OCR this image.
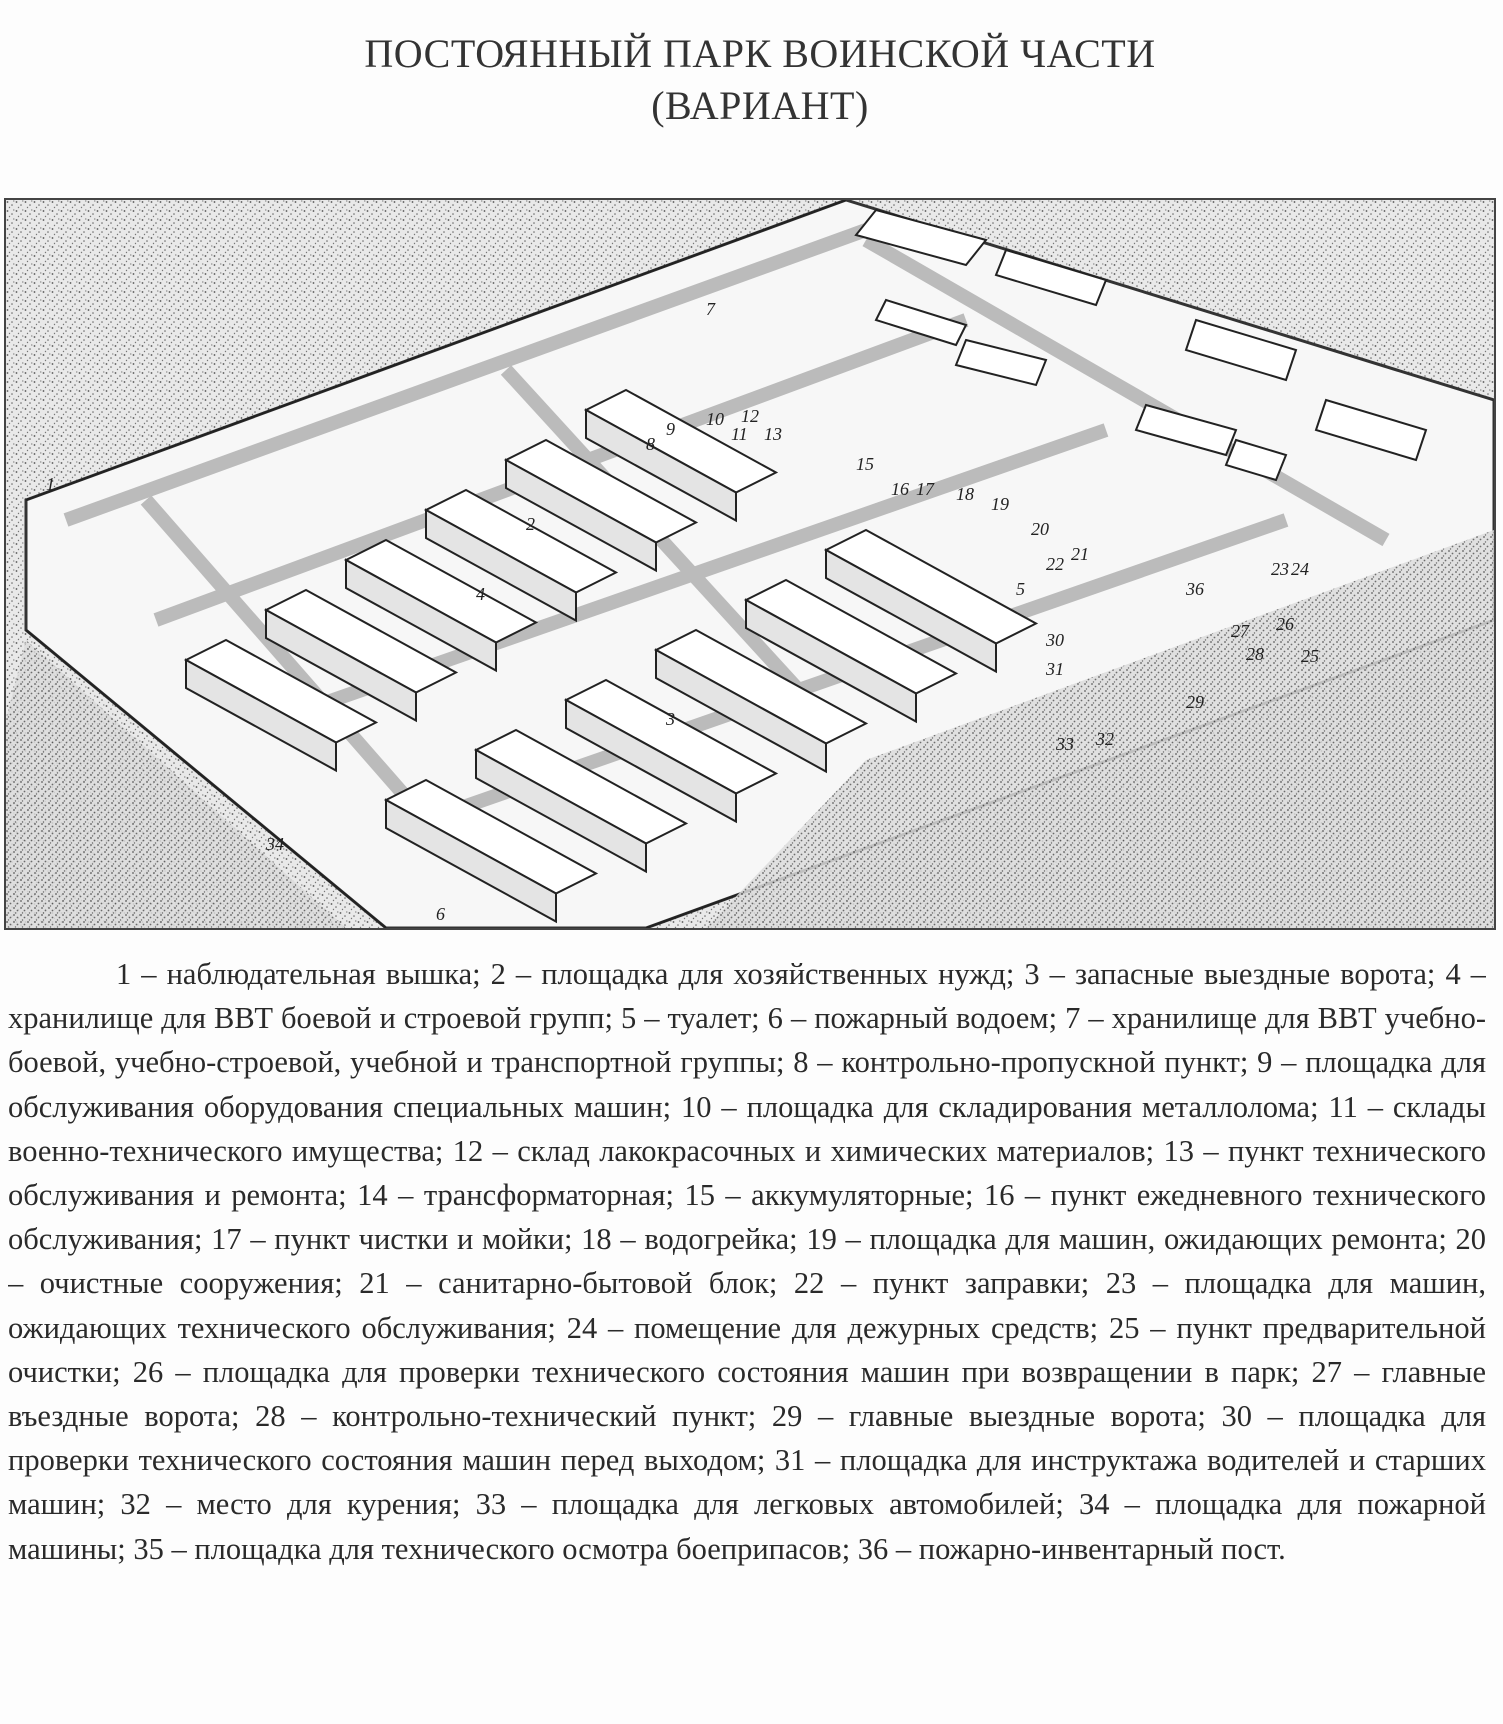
ПОСТОЯННЫЙ ПАРК ВОИНСКОЙ ЧАСТИ
(ВАРИАНТ)
1
2
3
4	5
6
7
8
9 10
11
12
13
15
16 17 18 19
20
21
22	23 24
25
26
27
28
29
30
31
32
33
34
36
1 – наблюдательная вышка; 2 – площадка для хозяйственных нужд; 3 – запасные выездные ворота; 4 – хранилище для ВВТ боевой и строевой групп; 5 – туалет; 6 – пожарный водоем; 7 – хранилище для ВВТ учебно-боевой, учебно-строевой, учебной и транспортной группы; 8 – контрольно-пропускной пункт; 9 – площадка для обслуживания оборудования специальных машин; 10 – площадка для складирования металлолома; 11 – склады военно-технического имущества; 12 – склад лакокрасочных и химических материалов; 13 – пункт технического обслуживания и ремонта; 14 – трансформаторная; 15 – аккумуляторные; 16 – пункт ежедневного технического обслуживания; 17 – пункт чистки и мойки; 18 – водогрейка; 19 – площадка для машин, ожидающих ремонта; 20 – очистные сооружения; 21 – санитарно-бытовой блок; 22 – пункт заправки; 23 – площадка для машин, ожидающих технического обслуживания; 24 – помещение для дежурных средств; 25 – пункт предварительной очистки; 26 – площадка для проверки технического состояния машин при возвращении в парк; 27 – главные въездные ворота; 28 – контрольно-технический пункт; 29 – главные выездные ворота; 30 – площадка для проверки технического состояния машин перед выходом; 31 – площадка для инструктажа водителей и старших машин; 32 – место для курения; 33 – площадка для легковых автомобилей; 34 – площадка для пожарной машины; 35 – площадка для технического осмотра боеприпасов; 36 – пожарно-инвентарный пост.
